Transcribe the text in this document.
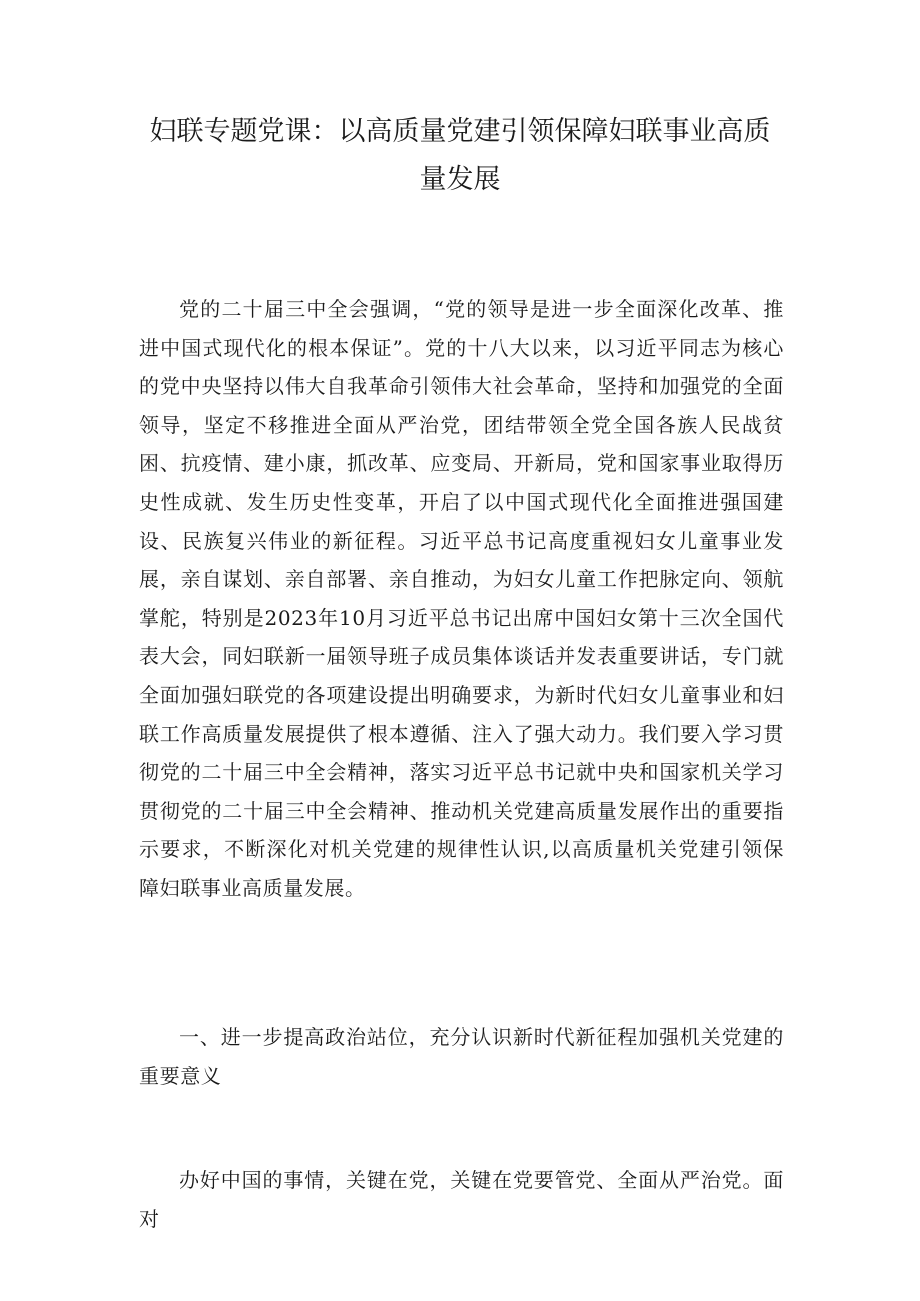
妇联专题党课：以高质量党建引领保障妇联事业高质量发展

党的二十届三中全会强调，“党的领导是进一步全面深化改革、推进中国式现代化的根本保证”。党的十八大以来，以习近平同志为核心的党中央坚持以伟大自我革命引领伟大社会革命，坚持和加强党的全面领导，坚定不移推进全面从严治党，团结带领全党全国各族人民战贫困、抗疫情、建小康，抓改革、应变局、开新局，党和国家事业取得历史性成就、发生历史性变革，开启了以中国式现代化全面推进强国建设、民族复兴伟业的新征程。习近平总书记高度重视妇女儿童事业发展，亲自谋划、亲自部署、亲自推动，为妇女儿童工作把脉定向、领航掌舵，特别是2023年10月习近平总书记出席中国妇女第十三次全国代表大会，同妇联新一届领导班子成员集体谈话并发表重要讲话，专门就全面加强妇联党的各项建设提出明确要求，为新时代妇女儿童事业和妇联工作高质量发展提供了根本遵循、注入了强大动力。我们要入学习贯彻党的二十届三中全会精神，落实习近平总书记就中央和国家机关学习贯彻党的二十届三中全会精神、推动机关党建高质量发展作出的重要指示要求，不断深化对机关党建的规律性认识,以高质量机关党建引领保障妇联事业高质量发展。

一、进一步提高政治站位，充分认识新时代新征程加强机关党建的重要意义

办好中国的事情，关键在党，关键在党要管党、全面从严治党。面对
